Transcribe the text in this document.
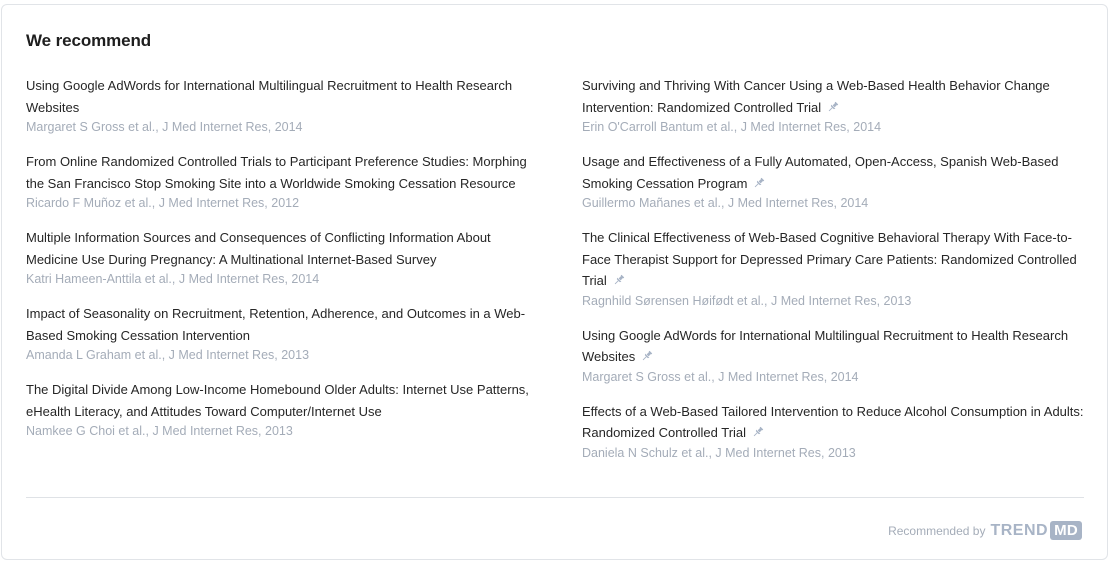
We recommend
Using Google AdWords for International Multilingual Recruitment to Health Research Websites
Margaret S Gross et al., J Med Internet Res, 2014
From Online Randomized Controlled Trials to Participant Preference Studies: Morphing the San Francisco Stop Smoking Site into a Worldwide Smoking Cessation Resource
Ricardo F Muñoz et al., J Med Internet Res, 2012
Multiple Information Sources and Consequences of Conflicting Information About Medicine Use During Pregnancy: A Multinational Internet-Based Survey
Katri Hameen-Anttila et al., J Med Internet Res, 2014
Impact of Seasonality on Recruitment, Retention, Adherence, and Outcomes in a Web-Based Smoking Cessation Intervention
Amanda L Graham et al., J Med Internet Res, 2013
The Digital Divide Among Low-Income Homebound Older Adults: Internet Use Patterns, eHealth Literacy, and Attitudes Toward Computer/Internet Use
Namkee G Choi et al., J Med Internet Res, 2013
Surviving and Thriving With Cancer Using a Web-Based Health Behavior Change Intervention: Randomized Controlled Trial
Erin O'Carroll Bantum et al., J Med Internet Res, 2014
Usage and Effectiveness of a Fully Automated, Open-Access, Spanish Web-Based Smoking Cessation Program
Guillermo Mañanes et al., J Med Internet Res, 2014
The Clinical Effectiveness of Web-Based Cognitive Behavioral Therapy With Face-to-Face Therapist Support for Depressed Primary Care Patients: Randomized Controlled Trial
Ragnhild Sørensen Høifødt et al., J Med Internet Res, 2013
Using Google AdWords for International Multilingual Recruitment to Health Research Websites
Margaret S Gross et al., J Med Internet Res, 2014
Effects of a Web-Based Tailored Intervention to Reduce Alcohol Consumption in Adults: Randomized Controlled Trial
Daniela N Schulz et al., J Med Internet Res, 2013
Recommended by TREND MD
